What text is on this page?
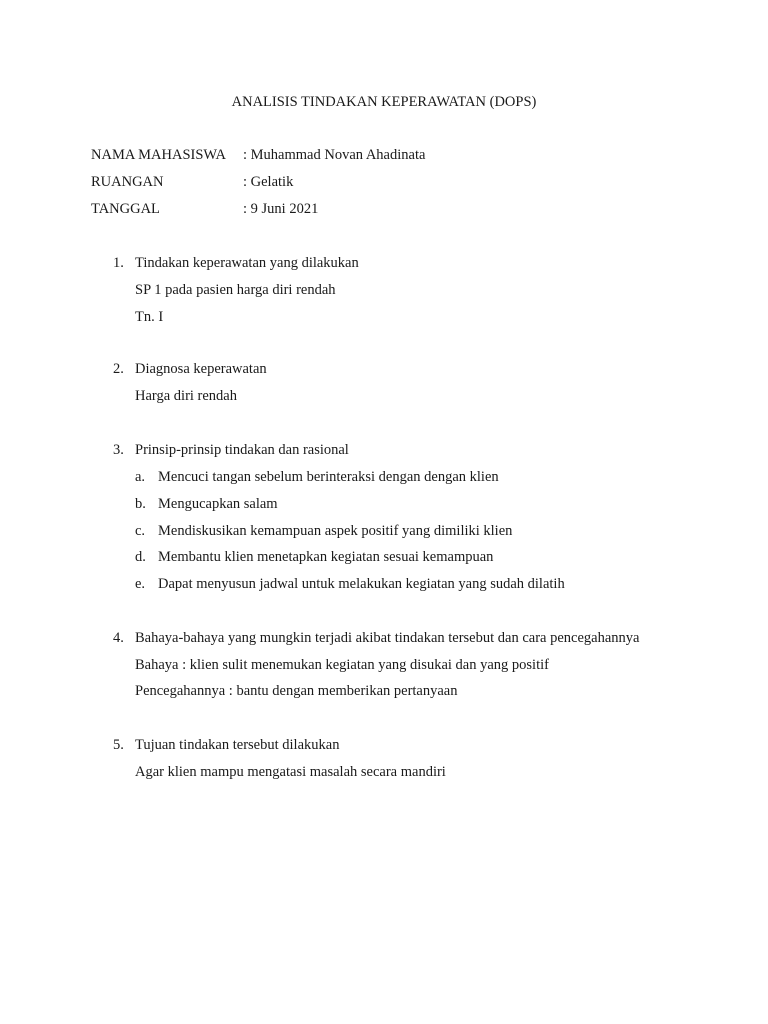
ANALISIS TINDAKAN KEPERAWATAN (DOPS)
NAMA MAHASISWA : Muhammad Novan Ahadinata
RUANGAN	: Gelatik
TANGGAL	: 9 Juni 2021
1. Tindakan keperawatan yang dilakukan
SP 1 pada pasien harga diri rendah
Tn. I
2. Diagnosa keperawatan
Harga diri rendah
3. Prinsip-prinsip tindakan dan rasional
a. Mencuci tangan sebelum berinteraksi dengan dengan klien
b. Mengucapkan salam
c. Mendiskusikan kemampuan aspek positif yang dimiliki klien
d. Membantu klien menetapkan kegiatan sesuai kemampuan
e. Dapat menyusun jadwal untuk melakukan kegiatan yang sudah dilatih
4. Bahaya-bahaya yang mungkin terjadi akibat tindakan tersebut dan cara pencegahannya
Bahaya : klien sulit menemukan kegiatan yang disukai dan yang positif
Pencegahannya : bantu dengan memberikan pertanyaan
5. Tujuan tindakan tersebut dilakukan
Agar klien mampu mengatasi masalah secara mandiri
